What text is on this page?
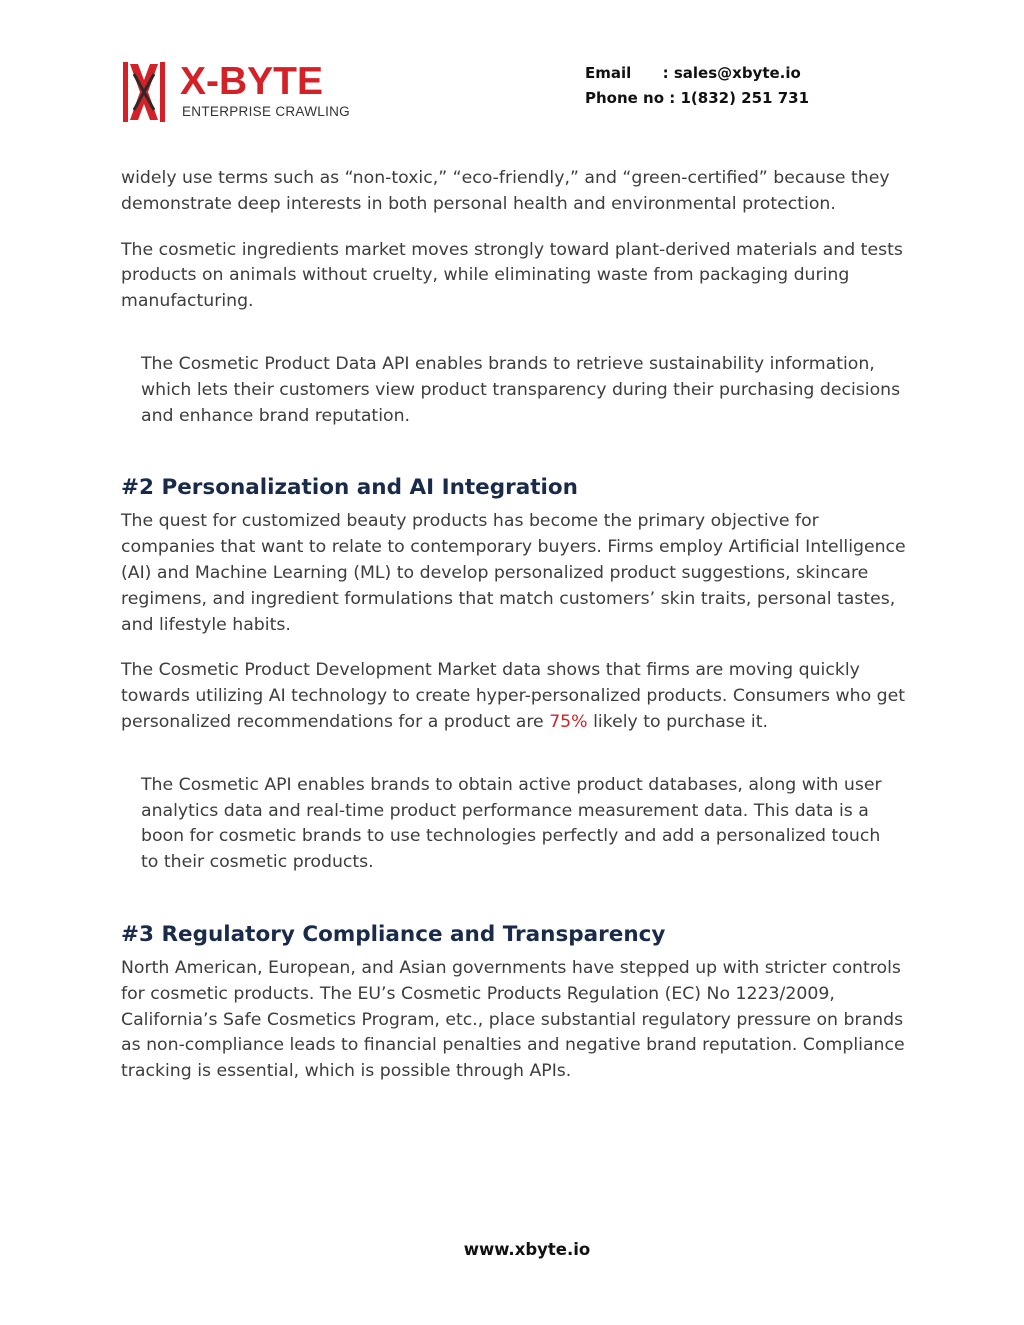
X-BYTE
ENTERPRISE CRAWLING
Email      : sales@xbyte.io
Phone no : 1(832) 251 731

widely use terms such as “non-toxic,” “eco-friendly,” and “green-certified” because they demonstrate deep interests in both personal health and environmental protection.

The cosmetic ingredients market moves strongly toward plant-derived materials and tests products on animals without cruelty, while eliminating waste from packaging during manufacturing.

The Cosmetic Product Data API enables brands to retrieve sustainability information, which lets their customers view product transparency during their purchasing decisions and enhance brand reputation.

#2 Personalization and AI Integration

The quest for customized beauty products has become the primary objective for companies that want to relate to contemporary buyers. Firms employ Artificial Intelligence (AI) and Machine Learning (ML) to develop personalized product suggestions, skincare regimens, and ingredient formulations that match customers’ skin traits, personal tastes, and lifestyle habits.

The Cosmetic Product Development Market data shows that firms are moving quickly towards utilizing AI technology to create hyper-personalized products. Consumers who get personalized recommendations for a product are 75% likely to purchase it.

The Cosmetic API enables brands to obtain active product databases, along with user analytics data and real-time product performance measurement data. This data is a boon for cosmetic brands to use technologies perfectly and add a personalized touch to their cosmetic products.

#3 Regulatory Compliance and Transparency

North American, European, and Asian governments have stepped up with stricter controls for cosmetic products. The EU’s Cosmetic Products Regulation (EC) No 1223/2009, California’s Safe Cosmetics Program, etc., place substantial regulatory pressure on brands as non-compliance leads to financial penalties and negative brand reputation. Compliance tracking is essential, which is possible through APIs.

www.xbyte.io
